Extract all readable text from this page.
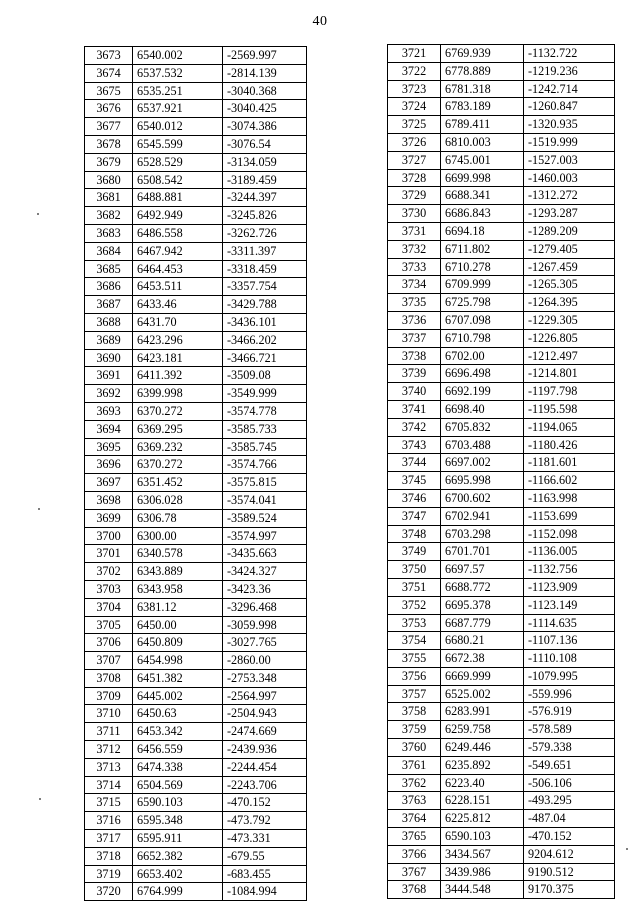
40
3673	6540.002	-2569.997
3674	6537.532	-2814.139
3675	6535.251	-3040.368
3676	6537.921	-3040.425
3677	6540.012	-3074.386
3678	6545.599	-3076.54
3679	6528.529	-3134.059
3680	6508.542	-3189.459
3681	6488.881	-3244.397
3682	6492.949	-3245.826
3683	6486.558	-3262.726
3684	6467.942	-3311.397
3685	6464.453	-3318.459
3686	6453.511	-3357.754
3687	6433.46	-3429.788
3688	6431.70	-3436.101
3689	6423.296	-3466.202
3690	6423.181	-3466.721
3691	6411.392	-3509.08
3692	6399.998	-3549.999
3693	6370.272	-3574.778
3694	6369.295	-3585.733
3695	6369.232	-3585.745
3696	6370.272	-3574.766
3697	6351.452	-3575.815
3698	6306.028	-3574.041
3699	6306.78	-3589.524
3700	6300.00	-3574.997
3701	6340.578	-3435.663
3702	6343.889	-3424.327
3703	6343.958	-3423.36
3704	6381.12	-3296.468
3705	6450.00	-3059.998
3706	6450.809	-3027.765
3707	6454.998	-2860.00
3708	6451.382	-2753.348
3709	6445.002	-2564.997
3710	6450.63	-2504.943
3711	6453.342	-2474.669
3712	6456.559	-2439.936
3713	6474.338	-2244.454
3714	6504.569	-2243.706
3715	6590.103	-470.152
3716	6595.348	-473.792
3717	6595.911	-473.331
3718	6652.382	-679.55
3719	6653.402	-683.455
3720	6764.999	-1084.994
3721	6769.939	-1132.722
3722	6778.889	-1219.236
3723	6781.318	-1242.714
3724	6783.189	-1260.847
3725	6789.411	-1320.935
3726	6810.003	-1519.999
3727	6745.001	-1527.003
3728	6699.998	-1460.003
3729	6688.341	-1312.272
3730	6686.843	-1293.287
3731	6694.18	-1289.209
3732	6711.802	-1279.405
3733	6710.278	-1267.459
3734	6709.999	-1265.305
3735	6725.798	-1264.395
3736	6707.098	-1229.305
3737	6710.798	-1226.805
3738	6702.00	-1212.497
3739	6696.498	-1214.801
3740	6692.199	-1197.798
3741	6698.40	-1195.598
3742	6705.832	-1194.065
3743	6703.488	-1180.426
3744	6697.002	-1181.601
3745	6695.998	-1166.602
3746	6700.602	-1163.998
3747	6702.941	-1153.699
3748	6703.298	-1152.098
3749	6701.701	-1136.005
3750	6697.57	-1132.756
3751	6688.772	-1123.909
3752	6695.378	-1123.149
3753	6687.779	-1114.635
3754	6680.21	-1107.136
3755	6672.38	-1110.108
3756	6669.999	-1079.995
3757	6525.002	-559.996
3758	6283.991	-576.919
3759	6259.758	-578.589
3760	6249.446	-579.338
3761	6235.892	-549.651
3762	6223.40	-506.106
3763	6228.151	-493.295
3764	6225.812	-487.04
3765	6590.103	-470.152
3766	3434.567	9204.612
3767	3439.986	9190.512
3768	3444.548	9170.375
